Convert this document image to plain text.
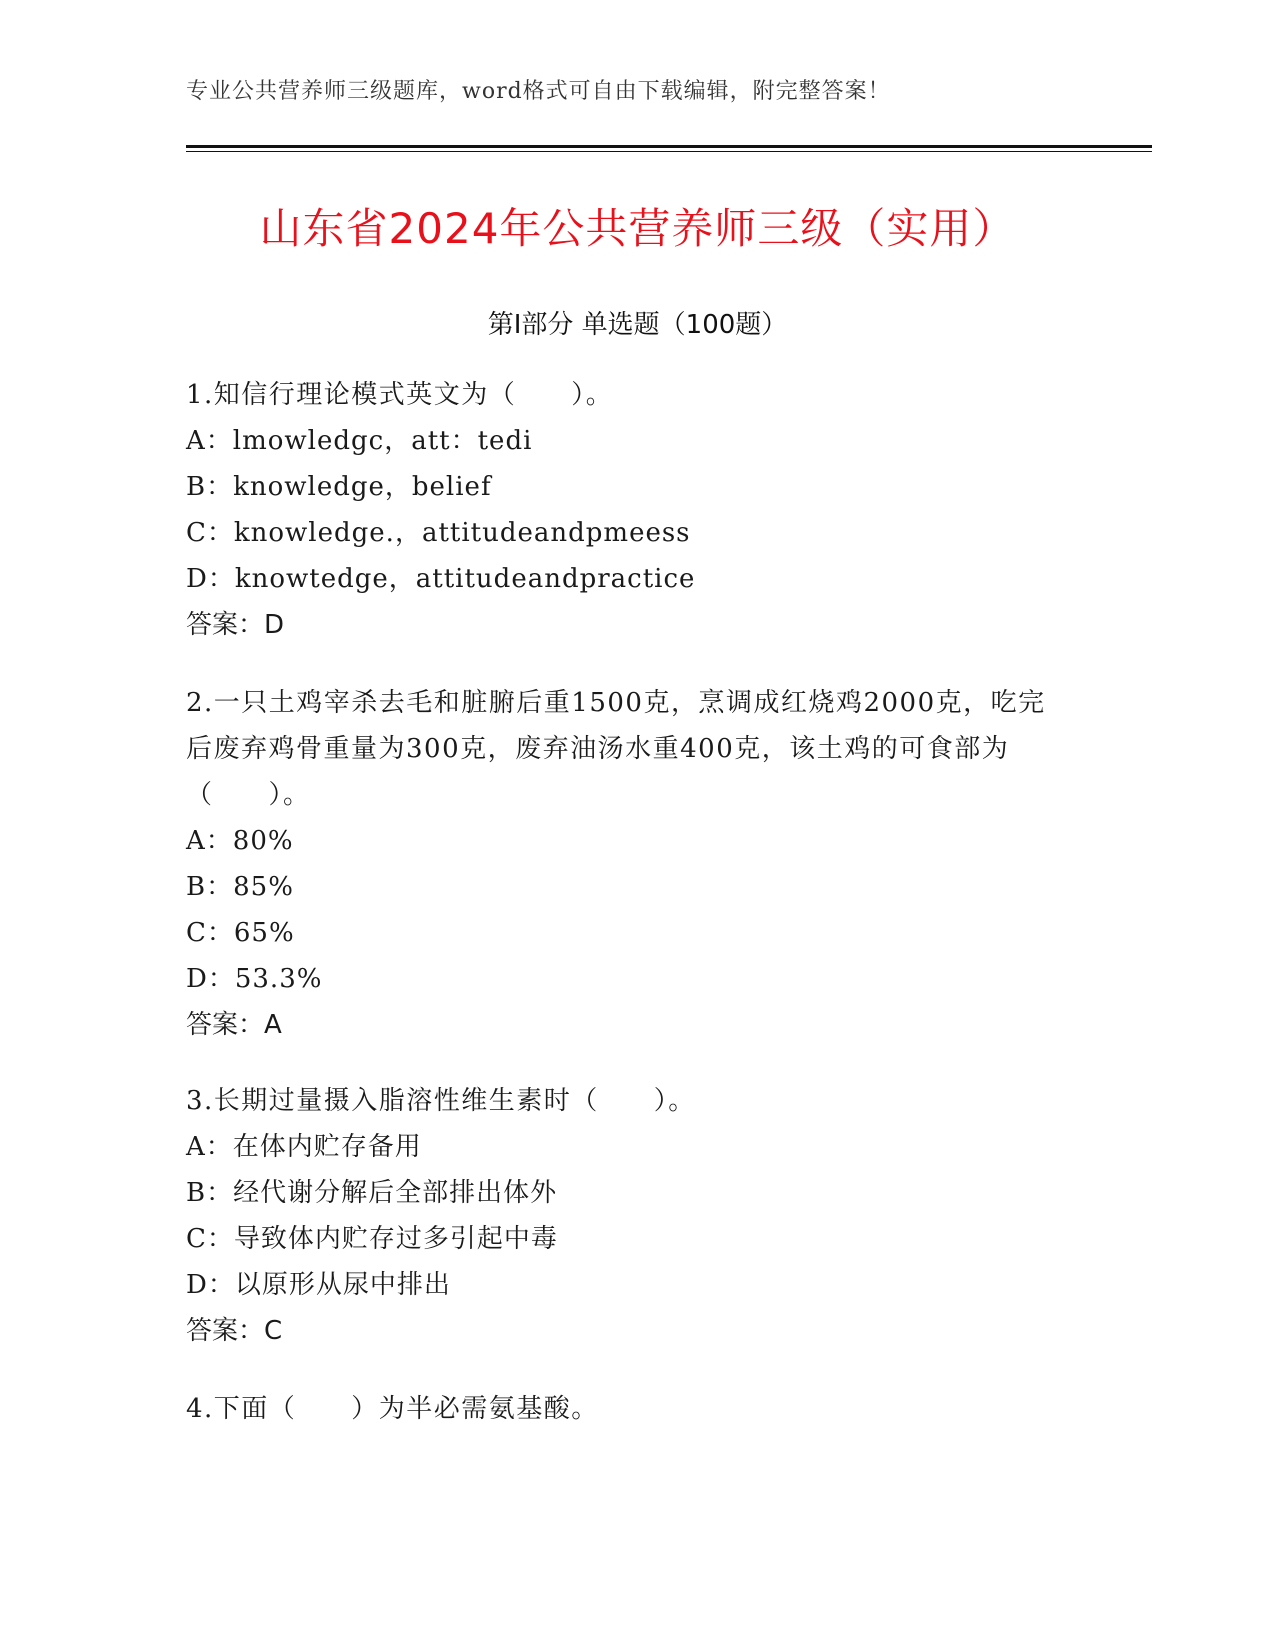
专业公共营养师三级题库，word格式可自由下载编辑，附完整答案！
山东省2024年公共营养师三级（实用）
第I部分 单选题（100题）

1.知信行理论模式英文为（　　）。

A：lmowledgc，att：tedi

B：knowledge，belief

C：knowledge.，attitudeandpmeess

D：knowtedge，attitudeandpractice

答案：D

2.一只土鸡宰杀去毛和脏腑后重1500克，烹调成红烧鸡2000克，吃完后废弃鸡骨重量为300克，废弃油汤水重400克，该土鸡的可食部为（　　）。

A：80%

B：85%

C：65%

D：53.3%

答案：A

3.长期过量摄入脂溶性维生素时（　　）。

A：在体内贮存备用

B：经代谢分解后全部排出体外

C：导致体内贮存过多引起中毒

D：以原形从尿中排出

答案：C

4.下面（　　）为半必需氨基酸。
